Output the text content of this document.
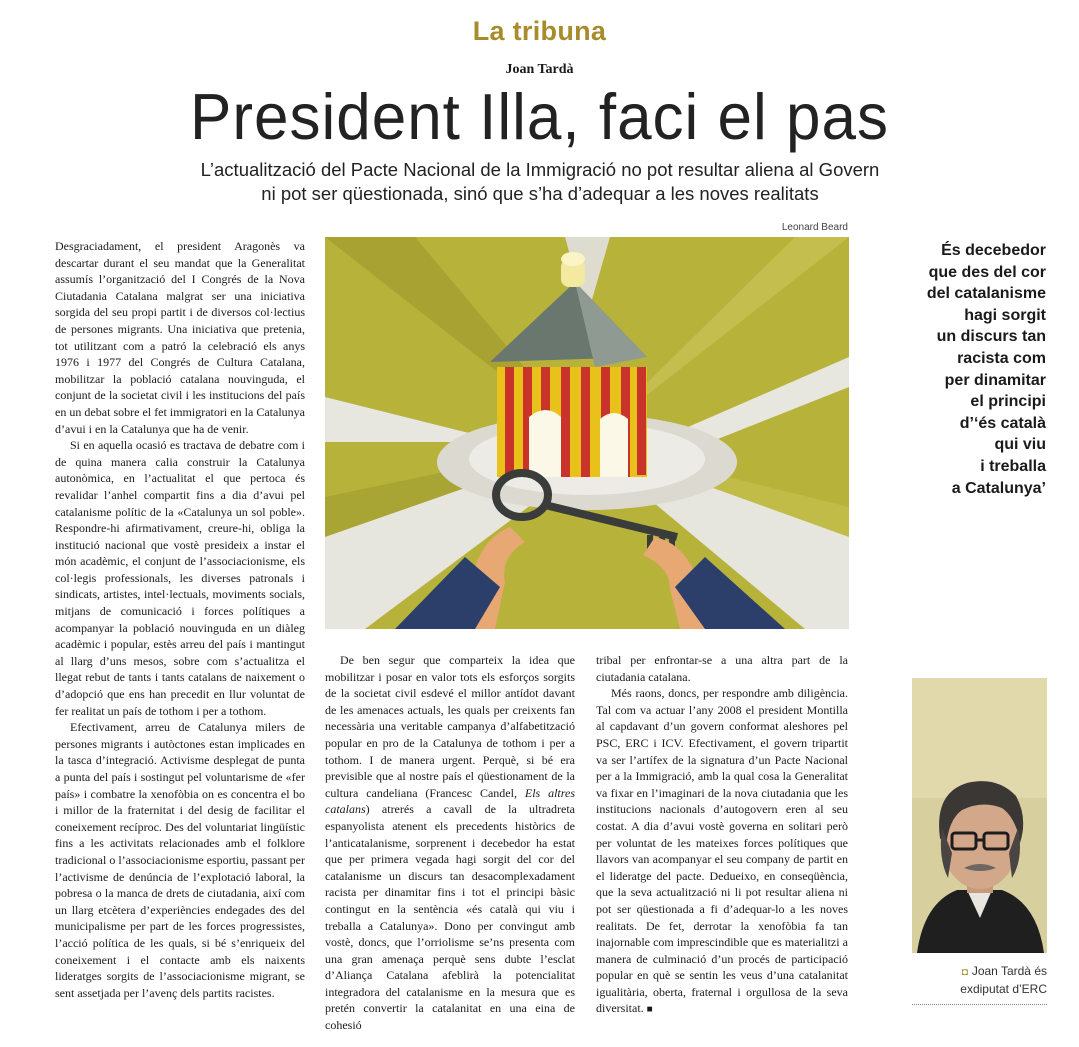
La tribuna
Joan Tardà
President Illa, faci el pas
L’actualització del Pacte Nacional de la Immigració no pot resultar aliena al Govern
ni pot ser qüestionada, sinó que s’ha d’adequar a les noves realitats
Leonard Beard

Desgraciadament, el president Aragonès va descartar durant el seu mandat que la Generalitat assumís l’organització del I Congrés de la Nova Ciutadania Catalana malgrat ser una iniciativa sorgida del seu propi partit i de diversos col·lectius de persones migrants. Una iniciativa que pretenia, tot utilitzant com a patró la celebració els anys 1976 i 1977 del Congrés de Cultura Catalana, mobilitzar la població catalana nouvinguda, el conjunt de la societat civil i les institucions del país en un debat sobre el fet immigratori en la Catalunya d’avui i en la Catalunya que ha de venir.

Si en aquella ocasió es tractava de debatre com i de quina manera calia construir la Catalunya autonòmica, en l’actualitat el que pertoca és revalidar l’anhel compartit fins a dia d’avui pel catalanisme polític de la «Catalunya un sol poble». Respondre-hi afirmativament, creure-hi, obliga la institució nacional que vostè presideix a instar el món acadèmic, el conjunt de l’associacionisme, els col·legis professionals, les diverses patronals i sindicats, artistes, intel·lectuals, moviments socials, mitjans de comunicació i forces polítiques a acompanyar la població nouvinguda en un diàleg acadèmic i popular, estès arreu del país i mantingut al llarg d’uns mesos, sobre com s’actualitza el llegat rebut de tants i tants catalans de naixement o d’adopció que ens han precedit en llur voluntat de fer realitat un país de tothom i per a tothom.

Efectivament, arreu de Catalunya milers de persones migrants i autòctones estan implicades en la tasca d’integració. Activisme desplegat de punta a punta del país i sostingut pel voluntarisme de «fer país» i combatre la xenofòbia on es concentra el bo i millor de la fraternitat i del desig de facilitar el coneixement recíproc. Des del voluntariat lingüístic fins a les activitats relacionades amb el folklore tradicional o l’associacionisme esportiu, passant per l’activisme de denúncia de l’explotació laboral, la pobresa o la manca de drets de ciutadania, així com un llarg etcètera d’experiències endegades des del municipalisme per part de les forces progressistes, l’acció política de les quals, si bé s’enriqueix del coneixement i el contacte amb els naixents lideratges sorgits de l’associacionisme migrant, se sent assetjada per l’avenç dels partits racistes.

De ben segur que comparteix la idea que mobilitzar i posar en valor tots els esforços sorgits de la societat civil esdevé el millor antídot davant de les amenaces actuals, les quals per creixents fan necessària una veritable campanya d’alfabetització popular en pro de la Catalunya de tothom i per a tothom. I de manera urgent. Perquè, si bé era previsible que al nostre país el qüestionament de la cultura candeliana (Francesc Candel, Els altres catalans) atrerés a cavall de la ultradreta espanyolista atenent els precedents històrics de l’anticatalanisme, sorprenent i decebedor ha estat que per primera vegada hagi sorgit del cor del catalanisme un discurs tan desacomplexadament racista per dinamitar fins i tot el principi bàsic contingut en la sentència «és català qui viu i treballa a Catalunya». Dono per convingut amb vostè, doncs, que l’orriolisme se’ns presenta com una gran amenaça perquè sens dubte l’esclat d’Aliança Catalana afeblirà la potencialitat integradora del catalanisme en la mesura que es pretén convertir la catalanitat en una eina de cohesió

tribal per enfrontar-se a una altra part de la ciutadania catalana.

Més raons, doncs, per respondre amb diligència. Tal com va actuar l’any 2008 el president Montilla al capdavant d’un govern conformat aleshores pel PSC, ERC i ICV. Efectivament, el govern tripartit va ser l’artífex de la signatura d’un Pacte Nacional per a la Immigració, amb la qual cosa la Generalitat va fixar en l’imaginari de la nova ciutadania que les institucions nacionals d’autogovern eren al seu costat. A dia d’avui vostè governa en solitari però per voluntat de les mateixes forces polítiques que llavors van acompanyar el seu company de partit en el lideratge del pacte. Dedueixo, en conseqüència, que la seva actualització ni li pot resultar aliena ni pot ser qüestionada a fi d’adequar-lo a les noves realitats. De fet, derrotar la xenofòbia fa tan inajornable com imprescindible que es materialitzi a manera de culminació d’un procés de participació popular en què se sentin les veus d’una catalanitat igualitària, oberta, fraternal i orgullosa de la seva diversitat. ■

És decebedor
que des del cor
del catalanisme
hagi sorgit
un discurs tan
racista com
per dinamitar
el principi
d’‘és català
qui viu
i treballa
a Catalunya’
◘ Joan Tardà és
exdiputat d’ERC
